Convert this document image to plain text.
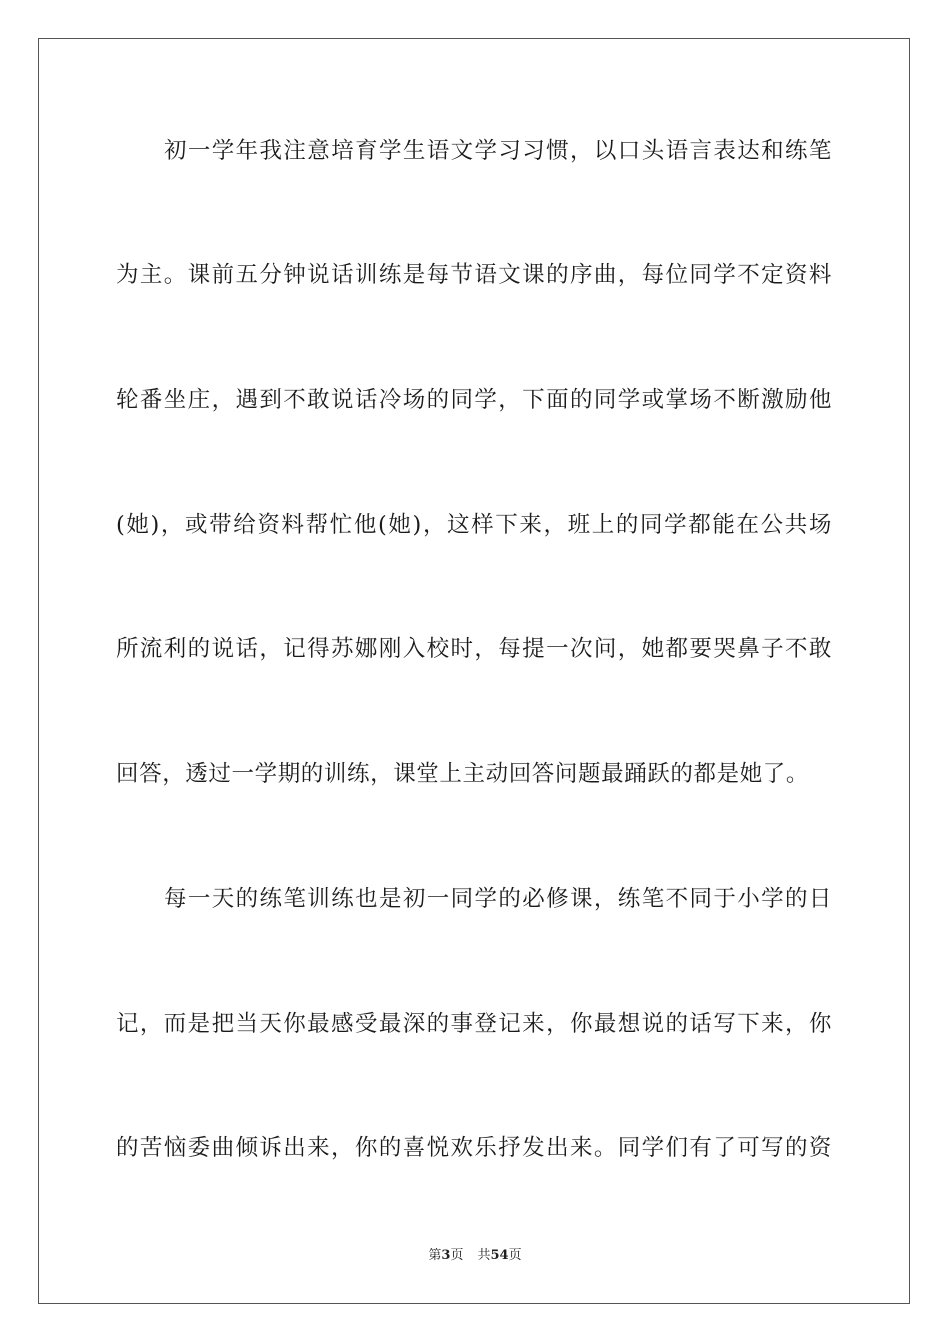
初一学年我注意培育学生语文学习习惯，以口头语言表达和练笔
为主。课前五分钟说话训练是每节语文课的序曲，每位同学不定资料
轮番坐庄，遇到不敢说话冷场的同学，下面的同学或掌场不断激励他
(她)，或带给资料帮忙他(她)，这样下来，班上的同学都能在公共场
所流利的说话，记得苏娜刚入校时，每提一次问，她都要哭鼻子不敢
回答，透过一学期的训练，课堂上主动回答问题最踊跃的都是她了。
每一天的练笔训练也是初一同学的必修课，练笔不同于小学的日
记，而是把当天你最感受最深的事登记来，你最想说的话写下来，你
的苦恼委曲倾诉出来，你的喜悦欢乐抒发出来。同学们有了可写的资
第3页 共54页
